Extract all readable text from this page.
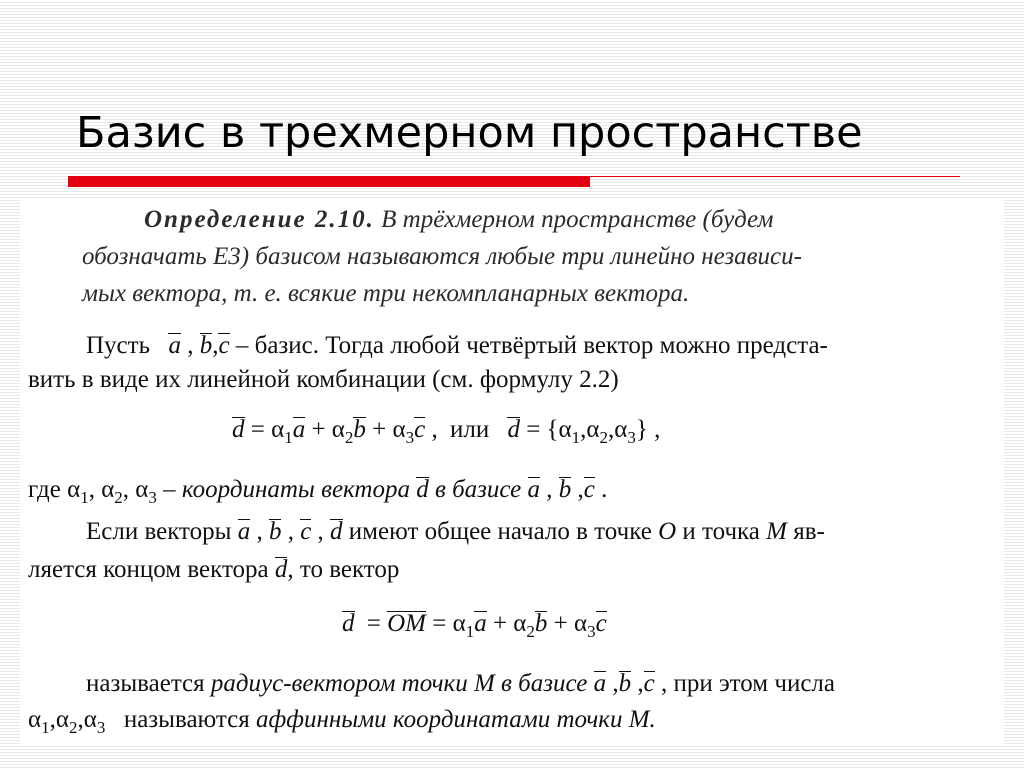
Базис в трехмерном пространстве
Определение 2.10. В трёхмерном пространстве (будем
обозначать Е3) базисом называются любые три линейно независи-
мых вектора, т. е. всякие три некомпланарных вектора.
Пусть a , b,c – базис. Тогда любой четвёртый вектор можно предста-
вить в виде их линейной комбинации (см. формулу 2.2)
$d = \alpha_1a + \alpha_2b + \alpha_3c$ , или $d = \{\alpha_1,\alpha_2,\alpha_3\}$ ,
где $\alpha_1$, $\alpha_2$, $\alpha_3$ – координаты вектора d в базисе a , b ,c .
Если векторы a , b , c , d имеют общее начало в точке О и точка М яв-
ляется концом вектора d, то вектор
d = OM = $\alpha_1a + \alpha_2b + \alpha_3c$
называется радиус-вектором точки М в базисе a ,b ,c , при этом числа
$\alpha_1,\alpha_2,\alpha_3$ называются аффинными координатами точки М.
